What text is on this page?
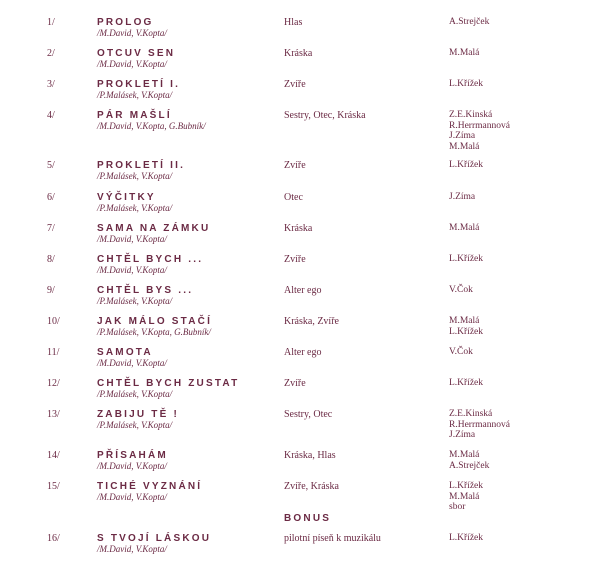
1/	PROLOG
/M.David, V.Kopta/
Hlas	A.Strejček
2/	OTCUV SEN
/M.David, V.Kopta/
Kráska	M.Malá
3/	PROKLETÍ I.
/P.Malásek, V.Kopta/
Zvíře	L.Křížek
4/	PÁR MAŠLÍ
/M.David, V.Kopta, G.Bubník/
Sestry, Otec, Kráska	Z.E.Kinská
R.Herrmannová
J.Zíma
M.Malá
5/	PROKLETÍ II.
/P.Malásek, V.Kopta/
Zvíře	L.Křížek
6/	VÝČITKY
/P.Malásek, V.Kopta/
Otec	J.Zíma
7/	SAMA NA ZÁMKU
/M.David, V.Kopta/
Kráska	M.Malá
8/	CHTĚL BYCH ...
/M.David, V.Kopta/
Zvíře	L.Křížek
9/	CHTĚL BYS ...
/P.Malásek, V.Kopta/
Alter ego	V.Čok
10/	JAK MÁLO STAČÍ
/P.Malásek, V.Kopta, G.Bubník/
Kráska, Zvíře	M.Malá
L.Křížek
11/	SAMOTA
/M.David, V.Kopta/
Alter ego	V.Čok
12/	CHTĚL BYCH ZUSTAT
/P.Malásek, V.Kopta/
Zvíře	L.Křížek
13/	ZABIJU TĚ !
/P.Malásek, V.Kopta/
Sestry, Otec	Z.E.Kinská
R.Herrmannová
J.Zíma
14/	PŘÍSAHÁM
/M.David, V.Kopta/
Kráska, Hlas	M.Malá
A.Strejček
15/	TICHÉ VYZNÁNÍ
/M.David, V.Kopta/
Zvíře, Kráska	L.Křížek
M.Malá
sbor
16/	S TVOJÍ LÁSKOU
/M.David, V.Kopta/
pilotní píseň k muzikálu	L.Křížek
BONUS
